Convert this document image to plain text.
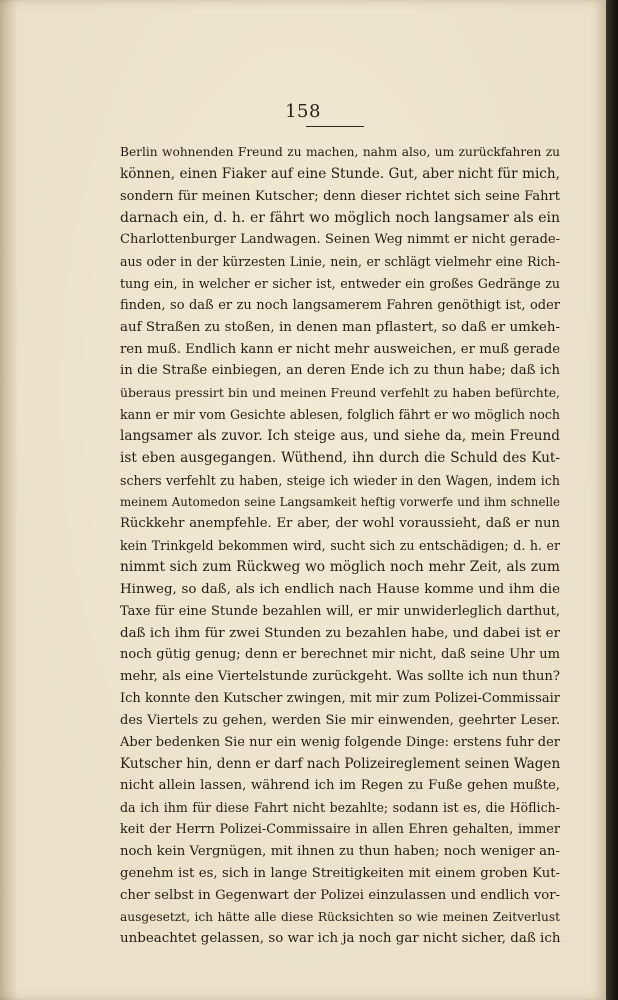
158
Berlin wohnenden Freund zu machen, nahm also, um zurückfahren zu
können, einen Fiaker auf eine Stunde. Gut, aber nicht für mich,
sondern für meinen Kutscher; denn dieser richtet sich seine Fahrt
darnach ein, d. h. er fährt wo möglich noch langsamer als ein
Charlottenburger Landwagen. Seinen Weg nimmt er nicht gerade-
aus oder in der kürzesten Linie, nein, er schlägt vielmehr eine Rich-
tung ein, in welcher er sicher ist, entweder ein großes Gedränge zu
finden, so daß er zu noch langsamerem Fahren genöthigt ist, oder
auf Straßen zu stoßen, in denen man pflastert, so daß er umkeh-
ren muß. Endlich kann er nicht mehr ausweichen, er muß gerade
in die Straße einbiegen, an deren Ende ich zu thun habe; daß ich
überaus pressirt bin und meinen Freund verfehlt zu haben befürchte,
kann er mir vom Gesichte ablesen, folglich fährt er wo möglich noch
langsamer als zuvor. Ich steige aus, und siehe da, mein Freund
ist eben ausgegangen. Wüthend, ihn durch die Schuld des Kut-
schers verfehlt zu haben, steige ich wieder in den Wagen, indem ich
meinem Automedon seine Langsamkeit heftig vorwerfe und ihm schnelle
Rückkehr anempfehle. Er aber, der wohl voraussieht, daß er nun
kein Trinkgeld bekommen wird, sucht sich zu entschädigen; d. h. er
nimmt sich zum Rückweg wo möglich noch mehr Zeit, als zum
Hinweg, so daß, als ich endlich nach Hause komme und ihm die
Taxe für eine Stunde bezahlen will, er mir unwiderleglich darthut,
daß ich ihm für zwei Stunden zu bezahlen habe, und dabei ist er
noch gütig genug; denn er berechnet mir nicht, daß seine Uhr um
mehr, als eine Viertelstunde zurückgeht. Was sollte ich nun thun?
Ich konnte den Kutscher zwingen, mit mir zum Polizei-Commissair
des Viertels zu gehen, werden Sie mir einwenden, geehrter Leser.
Aber bedenken Sie nur ein wenig folgende Dinge: erstens fuhr der
Kutscher hin, denn er darf nach Polizeireglement seinen Wagen
nicht allein lassen, während ich im Regen zu Fuße gehen mußte,
da ich ihm für diese Fahrt nicht bezahlte; sodann ist es, die Höflich-
keit der Herrn Polizei-Commissaire in allen Ehren gehalten, immer
noch kein Vergnügen, mit ihnen zu thun haben; noch weniger an-
genehm ist es, sich in lange Streitigkeiten mit einem groben Kut-
cher selbst in Gegenwart der Polizei einzulassen und endlich vor-
ausgesetzt, ich hätte alle diese Rücksichten so wie meinen Zeitverlust
unbeachtet gelassen, so war ich ja noch gar nicht sicher, daß ich
